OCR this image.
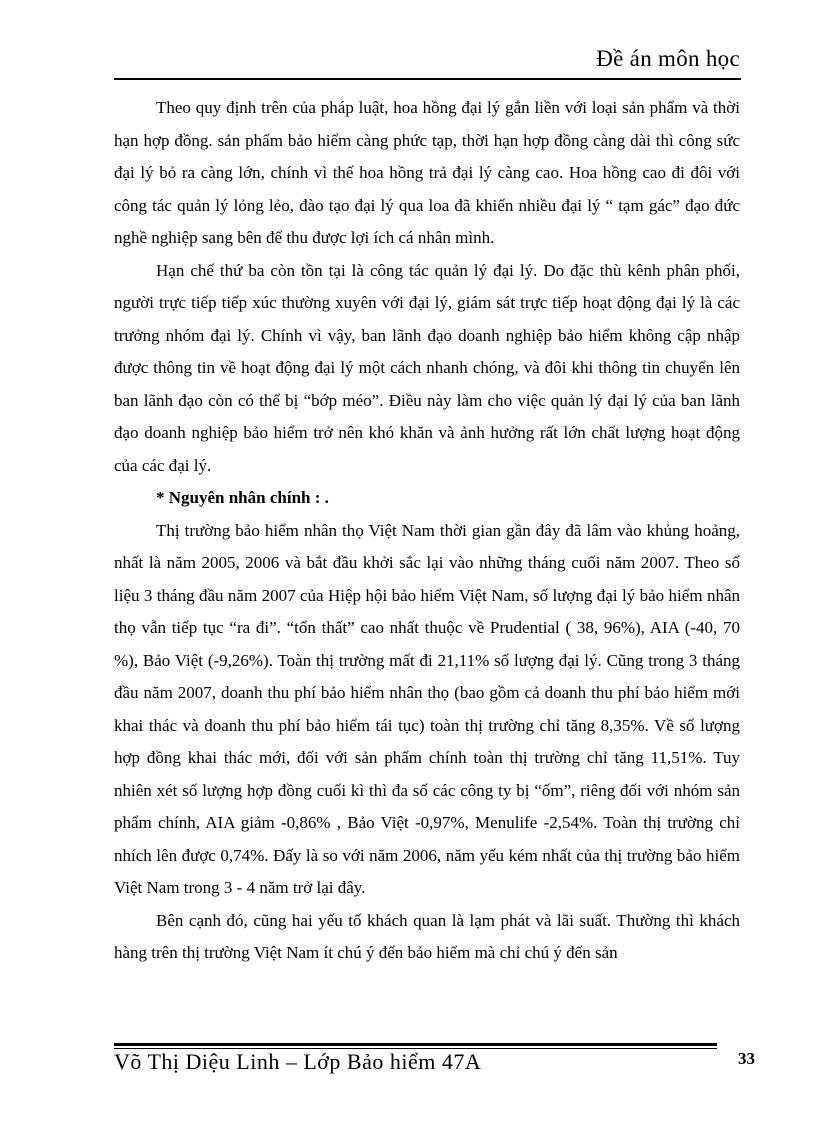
Đề án môn học

Theo quy định trên của pháp luật, hoa hồng đại lý gắn liền với loại sản phẩm và thời hạn hợp đồng. sản phẩm bảo hiểm càng phức tạp, thời hạn hợp đồng càng dài thì công sức đại lý bỏ ra càng lớn, chính vì thế hoa hồng trả đại lý càng cao. Hoa hồng cao đi đôi với công tác quản lý lỏng lẻo, đào tạo đại lý qua loa đã khiến nhiều đại lý “ tạm gác” đạo đức nghề nghiệp sang bên để thu được lợi ích cá nhân mình.

Hạn chế thứ ba còn tồn tại là công tác quản lý đại lý. Do đặc thù kênh phân phối, người trực tiếp tiếp xúc thường xuyên với đại lý, giám sát trực tiếp hoạt động đại lý là các trưởng nhóm đại lý. Chính vì vậy, ban lãnh đạo doanh nghiệp bảo hiểm không cập nhập được thông tin về hoạt động đại lý một cách nhanh chóng, và đôi khi thông tin chuyển lên ban lãnh đạo còn có thể bị “bớp méo”. Điều này làm cho việc quản lý đại lý của ban lãnh đạo doanh nghiệp bảo hiểm trở nên khó khăn và ảnh hưởng rất lớn chất lượng hoạt động của các đại lý.

* Nguyên nhân chính : .

Thị trường bảo hiểm nhân thọ Việt Nam thời gian gần đây đã lâm vào khủng hoảng, nhất là năm 2005, 2006 và bắt đầu khởi sắc lại vào những tháng cuối năm 2007. Theo số liệu 3 tháng đầu năm 2007 của Hiệp hội bảo hiểm Việt Nam, số lượng đại lý bảo hiểm nhân thọ vẫn tiếp tục “ra đi”. “tổn thất” cao nhất thuộc về Prudential ( 38, 96%), AIA (-40, 70 %), Bảo Việt (-9,26%). Toàn thị trường mất đi 21,11% số lượng đại lý. Cũng trong 3 tháng đầu năm 2007, doanh thu phí bảo hiểm nhân thọ (bao gồm cả doanh thu phí bảo hiểm mới khai thác và doanh thu phí bảo hiểm tái tục) toàn thị trường chỉ tăng 8,35%. Về số lượng hợp đồng khai thác mới, đối với sản phẩm chính toàn thị trường chỉ tăng 11,51%. Tuy nhiên xét số lượng hợp đồng cuối kì thì đa số các công ty bị “ốm”, riêng đối với nhóm sản phẩm chính, AIA giảm -0,86% , Bảo Việt -0,97%, Menulife -2,54%. Toàn thị trường chỉ nhích lên được 0,74%. Đấy là so với năm 2006, năm yếu kém nhất của thị trường bảo hiểm Việt Nam trong 3 - 4 năm trở lại đây.

Bên cạnh đó, cũng hai yếu tố khách quan là lạm phát và lãi suất. Thường thì khách hàng trên thị trường Việt Nam ít chú ý đến bảo hiểm mà chỉ chú ý đến sản

Võ Thị Diệu Linh – Lớp Bảo hiểm 47A	33
